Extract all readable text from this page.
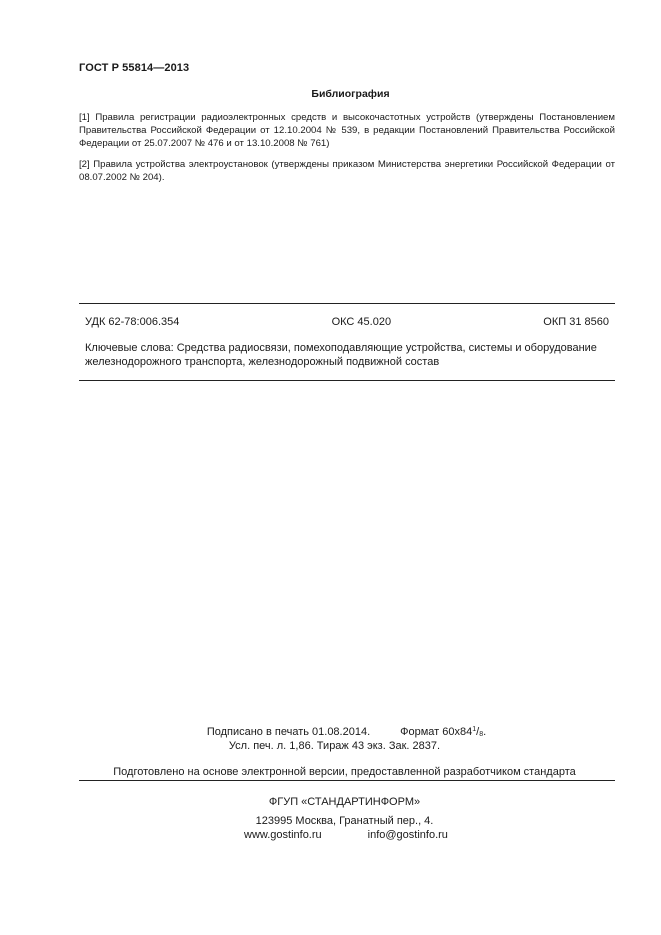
ГОСТ Р 55814—2013
Библиография
[1] Правила регистрации радиоэлектронных средств и высокочастотных устройств (утверждены Постановлением Правительства Российской Федерации от 12.10.2004 № 539, в редакции Постановлений Правительства Российской Федерации от 25.07.2007 № 476 и от 13.10.2008 № 761)
[2] Правила устройства электроустановок (утверждены приказом Министерства энергетики Российской Федерации от 08.07.2002 № 204).
УДК 62-78:006.354	ОКС 45.020	ОКП 31 8560
Ключевые слова: Средства радиосвязи, помехоподавляющие устройства, системы и оборудование железнодорожного транспорта, железнодорожный подвижной состав
Подписано в печать 01.08.2014.	Формат $60x84^1/_8$.
Усл. печ. л. 1,86. Тираж 43 экз. Зак. 2837.
Подготовлено на основе электронной версии, предоставленной разработчиком стандарта
ФГУП «СТАНДАРТИНФОРМ»
123995 Москва, Гранатный пер., 4.
www.gostinfo.ru	info@gostinfo.ru
